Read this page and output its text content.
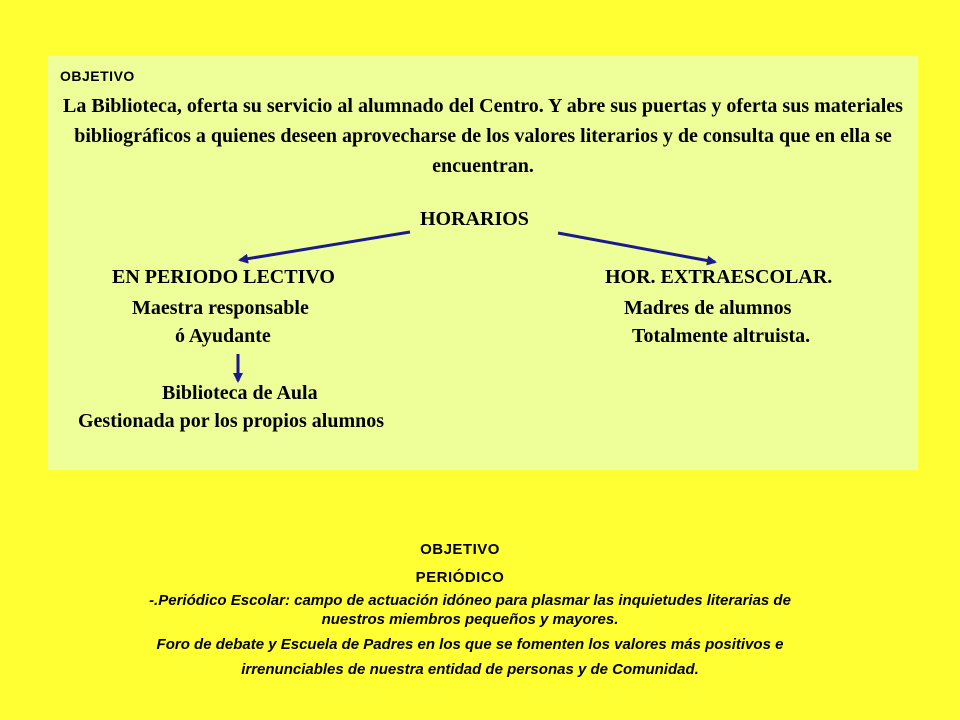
objetivo
La Biblioteca, oferta su servicio al alumnado del Centro. Y abre sus puertas y oferta sus materiales bibliográficos a quienes deseen aprovecharse de los valores literarios y de consulta que en ella se encuentran.
HORARIOS
EN PERIODO LECTIVO
Maestra responsable
ó Ayudante
HOR. EXTRAESCOLAR.
Madres de alumnos
Totalmente altruista.
Biblioteca de Aula
Gestionada por los propios alumnos
objetivo
periódico
-.Periódico Escolar: campo de actuación idóneo para plasmar las inquietudes literarias de
nuestros miembros pequeños y mayores.
Foro de debate y Escuela de Padres en los que se fomenten los valores más positivos e
irrenunciables de nuestra entidad de personas y de Comunidad.
